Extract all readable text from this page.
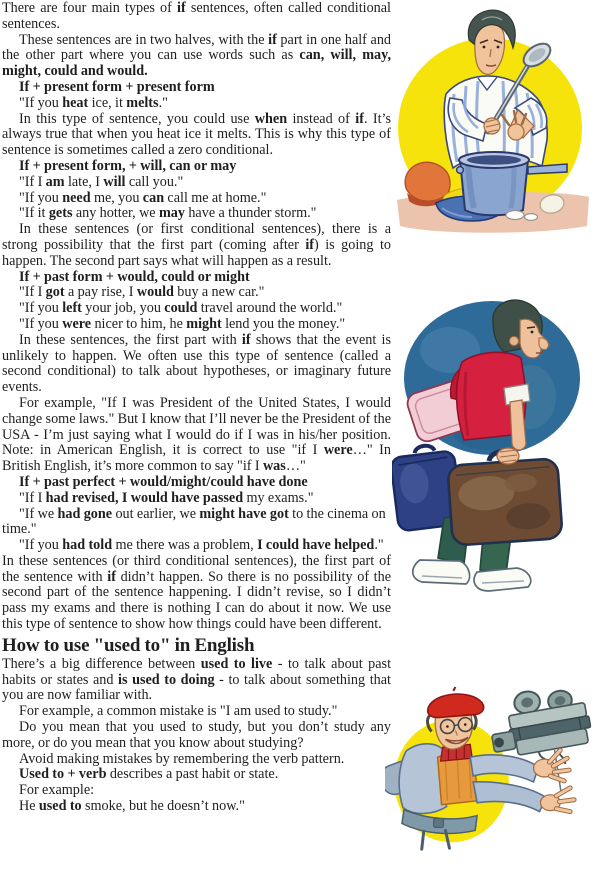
There are four main types of if sentences, often called conditional sentences.

These sentences are in two halves, with the if part in one half and the other part where you can use words such as can, will, may, might, could and would.

If + present form + present form

"If you heat ice, it melts."

In this type of sentence, you could use when instead of if. It’s always true that when you heat ice it melts. This is why this type of sentence is sometimes called a zero conditional.

If + present form, + will, can or may

"If I am late, I will call you."

"If you need me, you can call me at home."

"If it gets any hotter, we may have a thunder storm."

In these sentences (or first conditional sentences), there is a strong possibility that the first part (coming after if) is going to happen. The second part says what will happen as a result.

If + past form + would, could or might

"If I got a pay rise, I would buy a new car."

"If you left your job, you could travel around the world."

"If you were nicer to him, he might lend you the money."

In these sentences, the first part with if shows that the event is unlikely to happen. We often use this type of sentence (called a second conditional) to talk about hypotheses, or imaginary future events.

For example, "If I was President of the United States, I would change some laws." But I know that I’ll never be the President of the USA - I’m just saying what I would do if I was in his/her position. Note: in American English, it is correct to use "if I were…" In British English, it’s more common to say "if I was…"

If + past perfect + would/might/could have done

"If I had revised, I would have passed my exams."

"If we had gone out earlier, we might have got to the cinema on time."

"If you had told me there was a problem, I could have helped."

In these sentences (or third conditional sentences), the first part of the sentence with if didn’t happen. So there is no possibility of the second part of the sentence happening. I didn’t revise, so I didn’t pass my exams and there is nothing I can do about it now. We use this type of sentence to show how things could have been different.

How to use "used to" in English

There’s a big difference between used to live - to talk about past habits or states and is used to doing - to talk about something that you are now familiar with.

For example, a common mistake is "I am used to study."

Do you mean that you used to study, but you don’t study any more, or do you mean that you know about studying?

Avoid making mistakes by remembering the verb pattern.

Used to + verb describes a past habit or state.

For example:

He used to smoke, but he doesn’t now."
